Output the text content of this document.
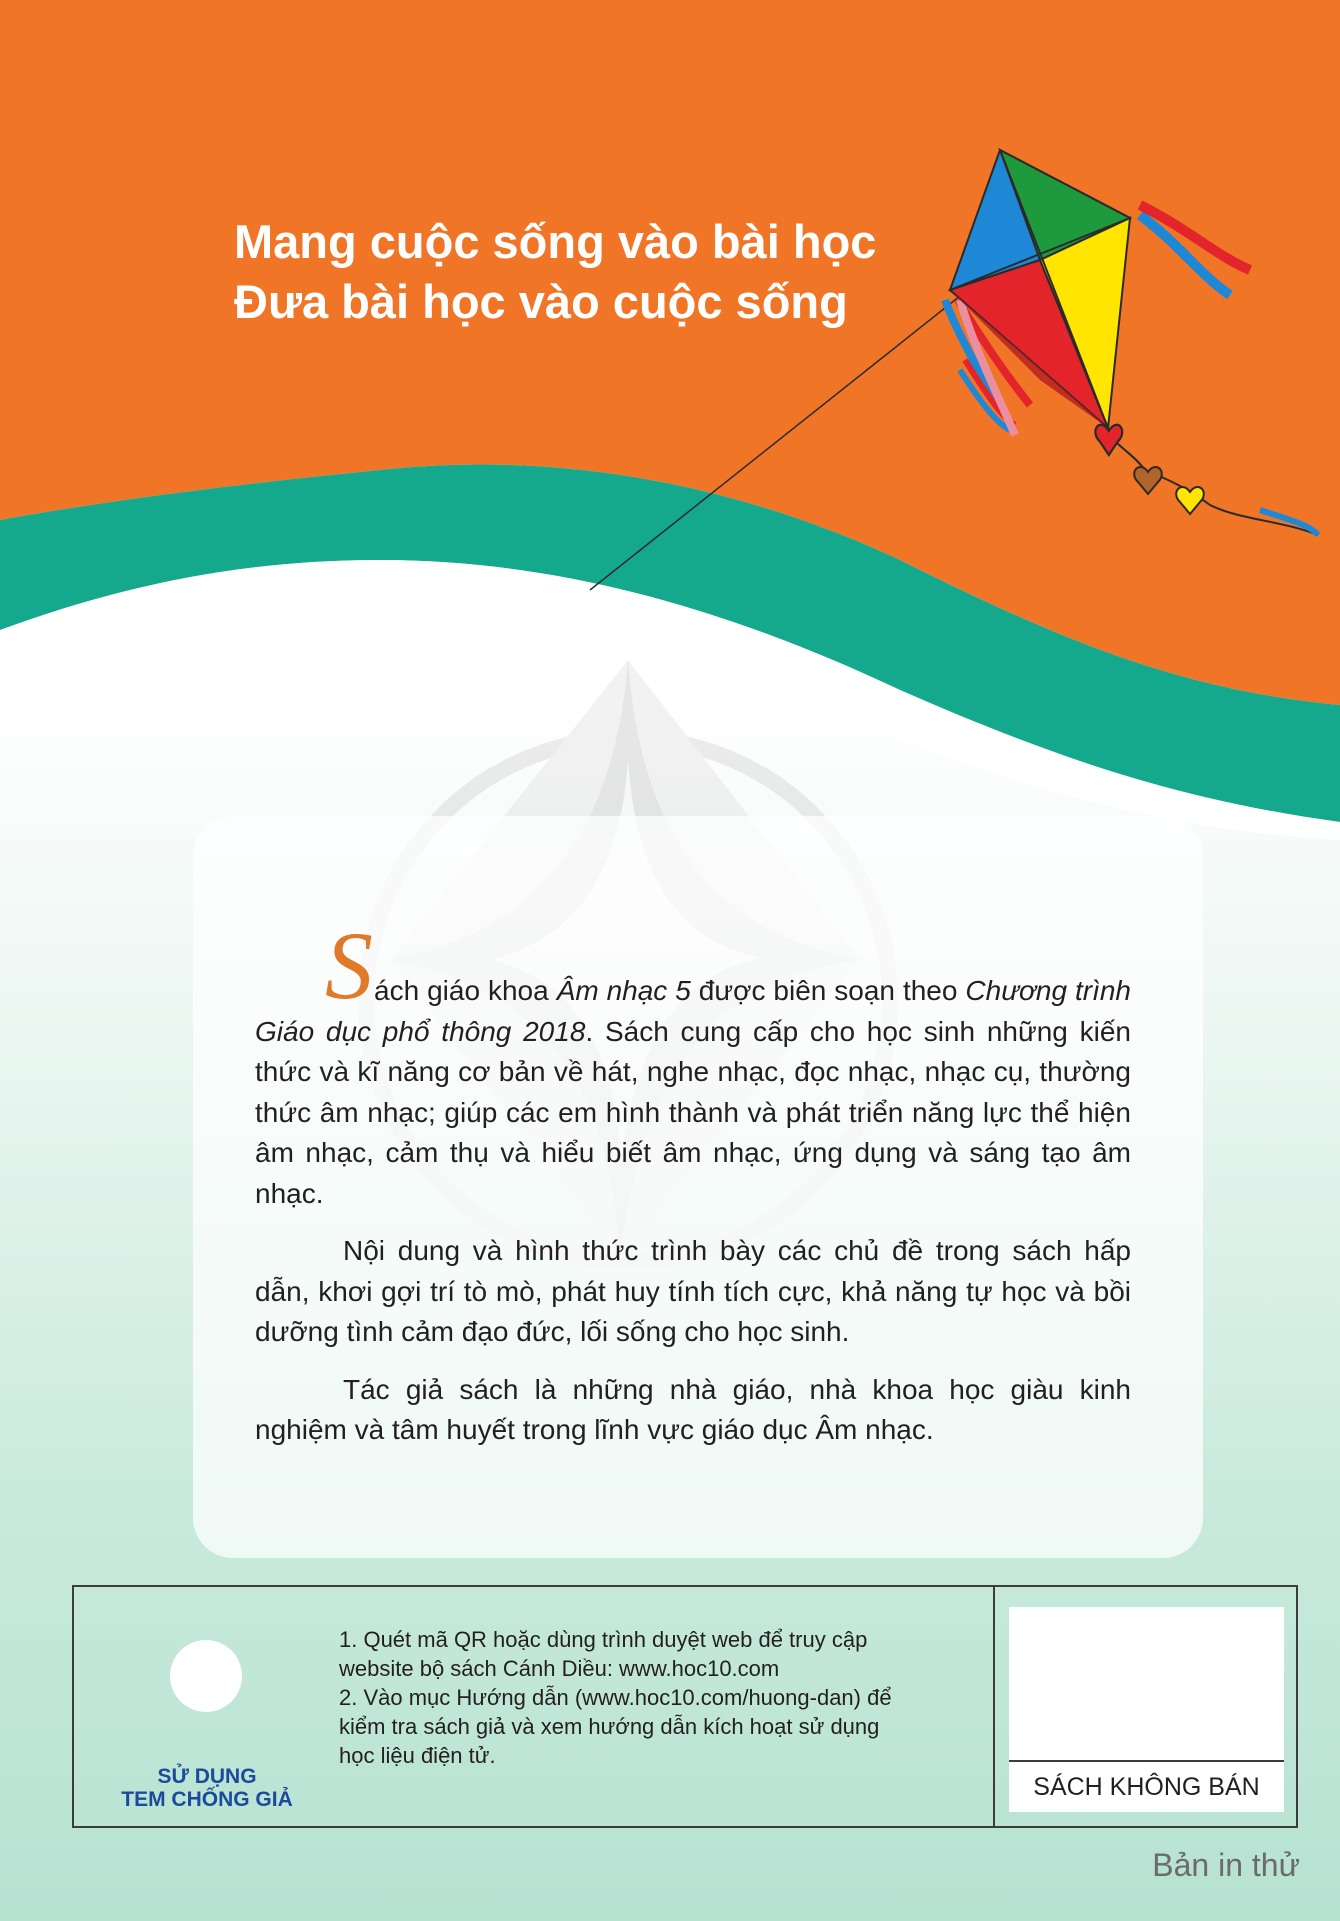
Mang cuộc sống vào bài học
Đưa bài học vào cuộc sống

ách giáo khoa Âm nhạc 5 được biên soạn theo Chương trình Giáo dục phổ thông 2018. Sách cung cấp cho học sinh những kiến thức và kĩ năng cơ bản về hát, nghe nhạc, đọc nhạc, nhạc cụ, thường thức âm nhạc; giúp các em hình thành và phát triển năng lực thể hiện âm nhạc, cảm thụ và hiểu biết âm nhạc, ứng dụng và sáng tạo âm nhạc.

Nội dung và hình thức trình bày các chủ đề trong sách hấp dẫn, khơi gợi trí tò mò, phát huy tính tích cực, khả năng tự học và bồi dưỡng tình cảm đạo đức, lối sống cho học sinh.

Tác giả sách là những nhà giáo, nhà khoa học giàu kinh nghiệm và tâm huyết trong lĩnh vực giáo dục Âm nhạc.

SỬ DỤNG
TEM CHỐNG GIẢ
1. Quét mã QR hoặc dùng trình duyệt web để truy cập
website bộ sách Cánh Diều: www.hoc10.com
2. Vào mục Hướng dẫn (www.hoc10.com/huong-dan) để
kiểm tra sách giả và xem hướng dẫn kích hoạt sử dụng
học liệu điện tử.
SÁCH KHÔNG BÁN
Bản in thử
